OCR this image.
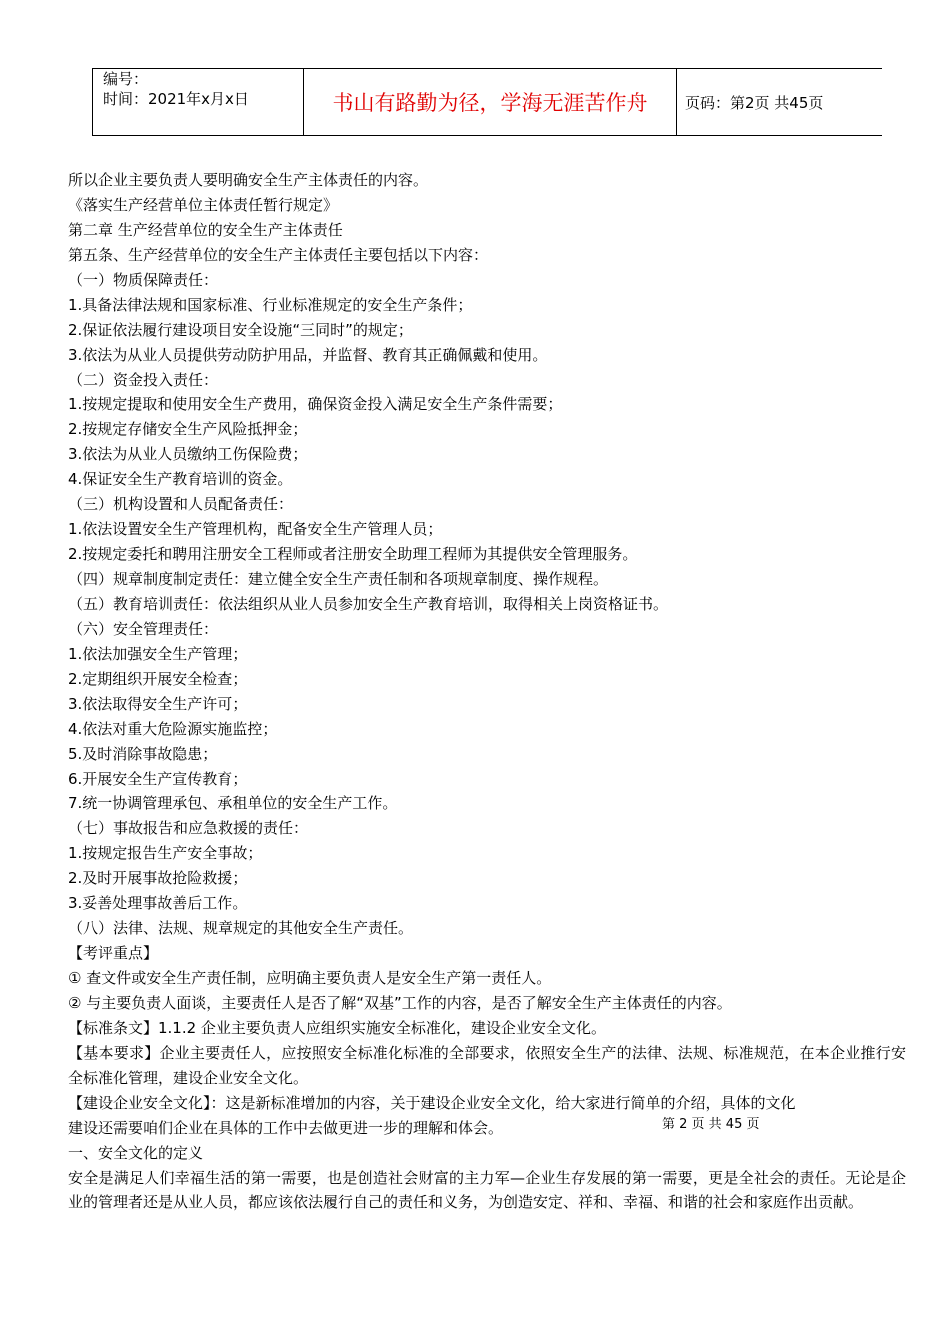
编号：
时间：2021年x月x日	书山有路勤为径，学海无涯苦作舟	页码：第2页 共45页
所以企业主要负责人要明确安全生产主体责任的内容。
《落实生产经营单位主体责任暂行规定》
第二章 生产经营单位的安全生产主体责任
第五条、生产经营单位的安全生产主体责任主要包括以下内容：
（一）物质保障责任：
1.具备法律法规和国家标准、行业标准规定的安全生产条件；
2.保证依法履行建设项目安全设施“三同时”的规定；
3.依法为从业人员提供劳动防护用品，并监督、教育其正确佩戴和使用。
（二）资金投入责任：
1.按规定提取和使用安全生产费用，确保资金投入满足安全生产条件需要；
2.按规定存储安全生产风险抵押金；
3.依法为从业人员缴纳工伤保险费；
4.保证安全生产教育培训的资金。
（三）机构设置和人员配备责任：
1.依法设置安全生产管理机构，配备安全生产管理人员；
2.按规定委托和聘用注册安全工程师或者注册安全助理工程师为其提供安全管理服务。
（四）规章制度制定责任：建立健全安全生产责任制和各项规章制度、操作规程。
（五）教育培训责任：依法组织从业人员参加安全生产教育培训，取得相关上岗资格证书。
（六）安全管理责任：
1.依法加强安全生产管理；
2.定期组织开展安全检查；
3.依法取得安全生产许可；
4.依法对重大危险源实施监控；
5.及时消除事故隐患；
6.开展安全生产宣传教育；
7.统一协调管理承包、承租单位的安全生产工作。
（七）事故报告和应急救援的责任：
1.按规定报告生产安全事故；
2.及时开展事故抢险救援；
3.妥善处理事故善后工作。
（八）法律、法规、规章规定的其他安全生产责任。
【考评重点】
① 查文件或安全生产责任制，应明确主要负责人是安全生产第一责任人。
② 与主要负责人面谈，主要责任人是否了解“双基”工作的内容，是否了解安全生产主体责任的内容。
【标准条文】1.1.2 企业主要负责人应组织实施安全标准化，建设企业安全文化。
【基本要求】企业主要责任人，应按照安全标准化标准的全部要求，依照安全生产的法律、法规、标准规范，在本企业推行安全标准化管理，建设企业安全文化。
【建设企业安全文化】：这是新标准增加的内容，关于建设企业安全文化，给大家进行简单的介绍，具体的文化
建设还需要咱们企业在具体的工作中去做更进一步的理解和体会。
一、安全文化的定义
安全是满足人们幸福生活的第一需要，也是创造社会财富的主力军—企业生存发展的第一需要，更是全社会的责任。无论是企业的管理者还是从业人员，都应该依法履行自己的责任和义务，为创造安定、祥和、幸福、和谐的社会和家庭作出贡献。
第 2 页 共 45 页
